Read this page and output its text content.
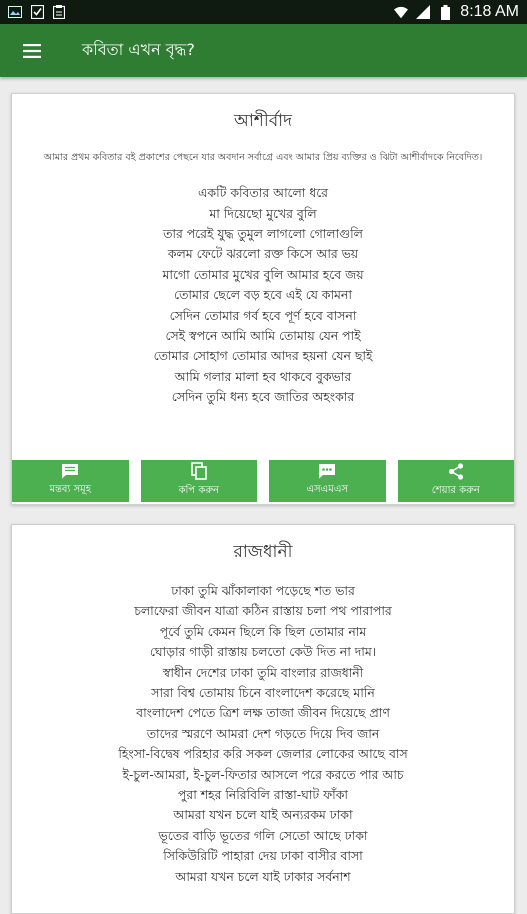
8:18 AM
কবিতা এখন বৃদ্ধ?
আশীর্বাদ
আমার প্রথম কবিতার বই প্রকাশের পেছনে যার অবদান সর্বাগ্রে এবং আমার প্রিয় ব্যক্তির ও ঝিটা আশীর্বাদকে নিবেদিত।
একটি কবিতার আলো ধরে
মা দিয়েছো মুখের বুলি
তার পরেই যুদ্ধ তুমুল লাগলো গোলাগুলি
কলম ফেটে ঝরলো রক্ত কিসে আর ভয়
মাগো তোমার মুখের বুলি আমার হবে জয়
তোমার ছেলে বড় হবে এই যে কামনা
সেদিন তোমার গর্ব হবে পূর্ণ হবে বাসনা
সেই স্বপনে আমি আমি তোমায় যেন পাই
তোমার সোহাগ তোমার আদর হয়না যেন ছাই
আমি গলার মালা হব থাকবে বুকভার
সেদিন তুমি ধন্য হবে জাতির অহংকার
মন্তব্য সমূহ	কপি করুন	এসএমএস	শেয়ার করুন
রাজধানী
ঢাকা তুমি ঝাঁকালাকা পড়েছে শত ভার
চলাফেরা জীবন যাত্রা কঠিন রাস্তায় চলা পথ পারাপার
পূর্বে তুমি কেমন ছিলে কি ছিল তোমার নাম
ঘোড়ার গাড়ী রাস্তায় চলতো কেউ দিত না দাম।
স্বাধীন দেশের ঢাকা তুমি বাংলার রাজধানী
সারা বিশ্ব তোমায় চিনে বাংলাদেশ করেছে মানি
বাংলাদেশ পেতে ত্রিশ লক্ষ তাজা জীবন দিয়েছে প্রাণ
তাদের স্মরণে আমরা দেশ গড়তে দিয়ে দিব জান
হিংসা-বিদ্বেষ পরিহার করি সকল জেলার লোকের আছে বাস
ই-চুল-আমরা, ই-চুল-ফিতার আসলে পরে করতে পার আচ
পুরা শহর নিরিবিলি রাস্তা-ঘাট ফাঁকা
আমরা যখন চলে যাই অন্যরকম ঢাকা
ভূতের বাড়ি ভূতের গলি সেতো আছে ঢাকা
সিকিউরিটি পাহারা দেয় ঢাকা বাসীর বাসা
আমরা যখন চলে যাই ঢাকার সর্বনাশ
